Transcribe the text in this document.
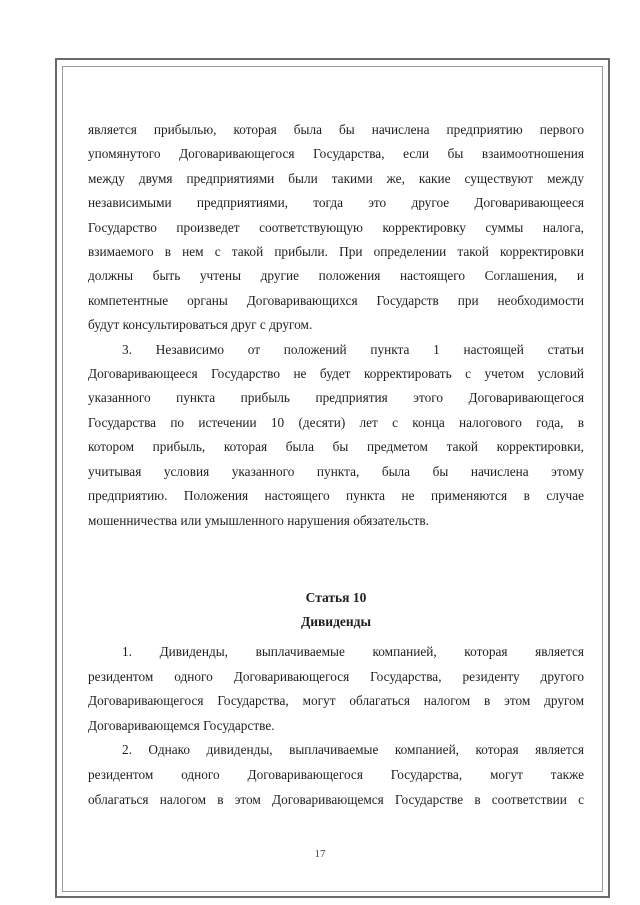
является прибылью, которая была бы начислена предприятию первого

упомянутого Договаривающегося Государства, если бы взаимоотношения

между двумя предприятиями были такими же, какие существуют между

независимыми предприятиями, тогда это другое Договаривающееся

Государство произведет соответствующую корректировку суммы налога,

взимаемого в нем с такой прибыли. При определении такой корректировки

должны быть учтены другие положения настоящего Соглашения, и

компетентные органы Договаривающихся Государств при необходимости

будут консультироваться друг с другом.

3. Независимо от положений пункта 1 настоящей статьи

Договаривающееся Государство не будет корректировать с учетом условий

указанного пункта прибыль предприятия этого Договаривающегося

Государства по истечении 10 (десяти) лет с конца налогового года, в

котором прибыль, которая была бы предметом такой корректировки,

учитывая условия указанного пункта, была бы начислена этому

предприятию. Положения настоящего пункта не применяются в случае

мошенничества или умышленного нарушения обязательств.

Статья 10
Дивиденды

1. Дивиденды, выплачиваемые компанией, которая является

резидентом одного Договаривающегося Государства, резиденту другого

Договаривающегося Государства, могут облагаться налогом в этом другом

Договаривающемся Государстве.

2. Однако дивиденды, выплачиваемые компанией, которая является

резидентом одного Договаривающегося Государства, могут также

облагаться налогом в этом Договаривающемся Государстве в соответствии с

17
